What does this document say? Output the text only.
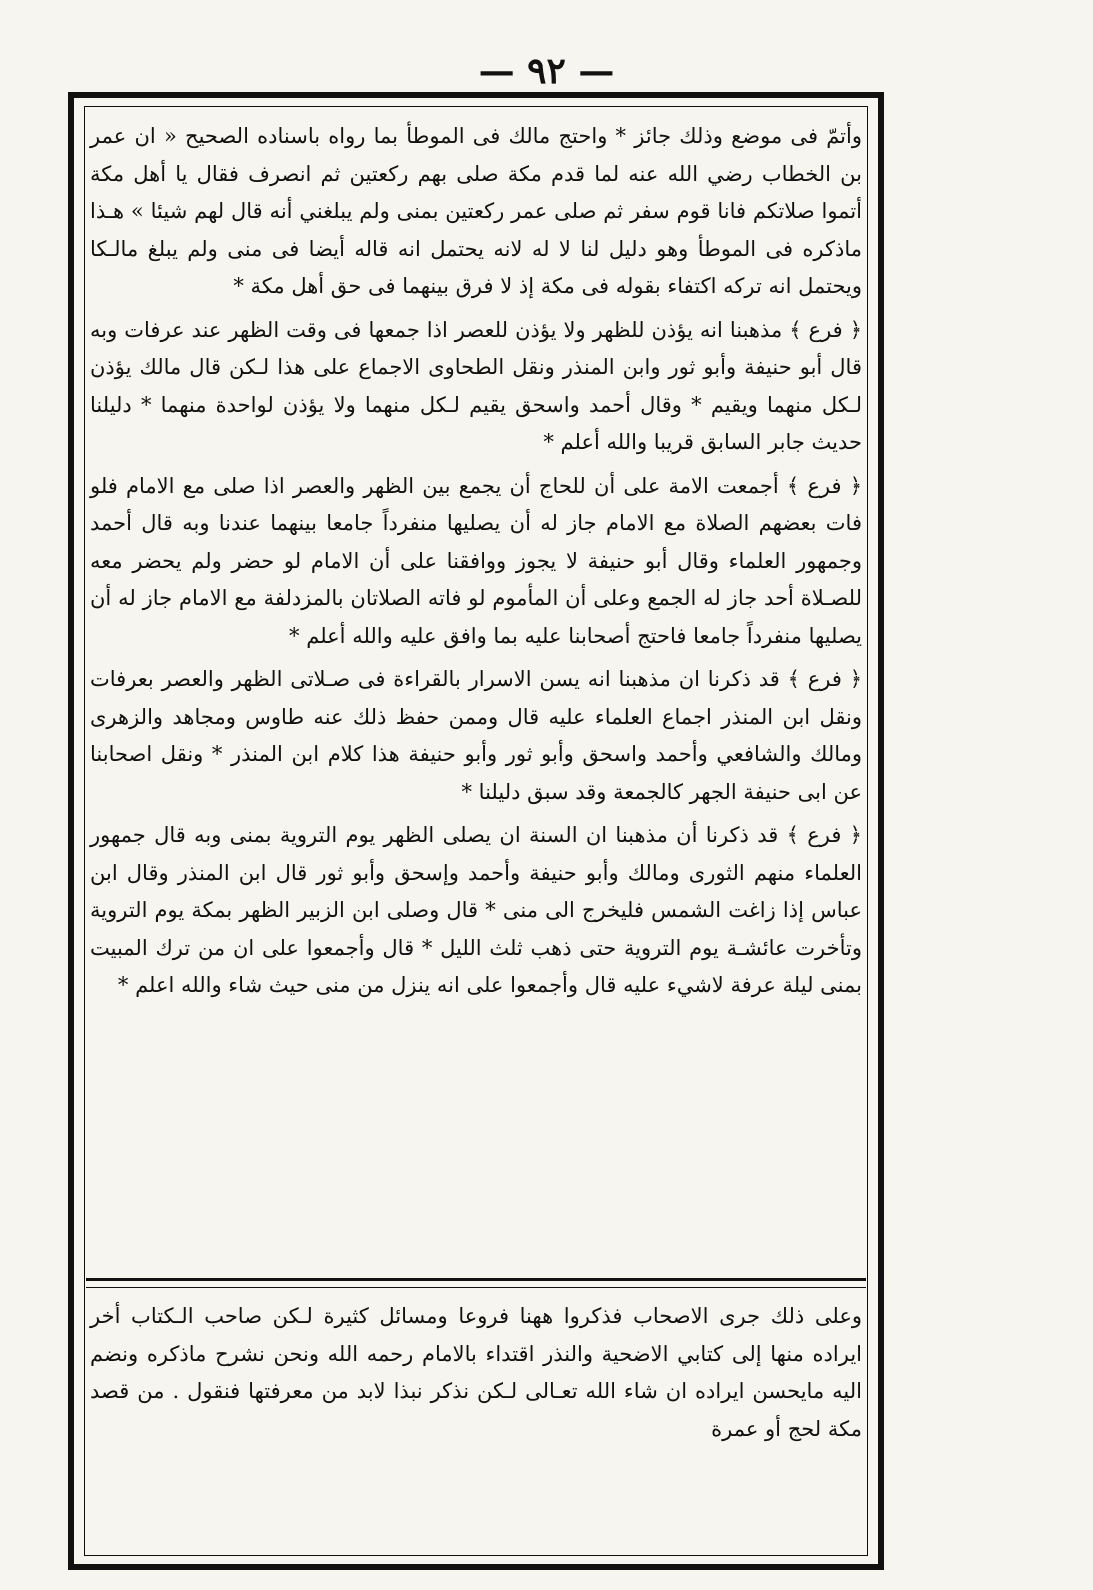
— ٩٢ —

وأتمّ فى موضع وذلك جائز * واحتج مالك فى الموطأ بما رواه باسناده الصحيح « ان عمر بن الخطاب رضي الله عنه لما قدم مكة صلى بهم ركعتين ثم انصرف فقال يا أهل مكة أتموا صلاتكم فانا قوم سفر ثم صلى عمر ركعتين بمنى ولم يبلغني أنه قال لهم شيئا » هـذا ماذكره فى الموطأ وهو دليل لنا لا له لانه يحتمل انه قاله أيضا فى منى ولم يبلغ مالـكا ويحتمل انه ترکه اكتفاء بقوله فى مكة إذ لا فرق بينهما فى حق أهل مكة *

﴿ فرع ﴾ مذهبنا انه يؤذن للظهر ولا يؤذن للعصر اذا جمعها فى وقت الظهر عند عرفات وبه قال أبو حنيفة وأبو ثور وابن المنذر ونقل الطحاوى الاجماع على هذا لـكن قال مالك يؤذن لـكل منهما ويقيم * وقال أحمد واسحق يقيم لـكل منهما ولا يؤذن لواحدة منهما * دليلنا حديث جابر السابق قريبا والله أعلم *

﴿ فرع ﴾ أجمعت الامة على أن للحاج أن يجمع بين الظهر والعصر اذا صلى مع الامام فلو فات بعضهم الصلاة مع الامام جاز له أن يصليها منفرداً جامعا بينهما عندنا وبه قال أحمد وجمهور العلماء وقال أبو حنيفة لا يجوز ووافقنا على أن الامام لو حضر ولم يحضر معه للصـلاة أحد جاز له الجمع وعلى أن المأموم لو فاته الصلاتان بالمزدلفة مع الامام جاز له أن يصليها منفرداً جامعا فاحتج أصحابنا عليه بما وافق عليه والله أعلم *

﴿ فرع ﴾ قد ذكرنا ان مذهبنا انه يسن الاسرار بالقراءة فى صـلاتى الظهر والعصر بعرفات ونقل ابن المنذر اجماع العلماء عليه قال وممن حفظ ذلك عنه طاوس ومجاهد والزهرى ومالك والشافعي وأحمد واسحق وأبو ثور وأبو حنيفة هذا كلام ابن المنذر * ونقل اصحابنا عن ابى حنيفة الجهر كالجمعة وقد سبق دليلنا *

﴿ فرع ﴾ قد ذكرنا أن مذهبنا ان السنة ان يصلى الظهر يوم التروية بمنى وبه قال جمهور العلماء منهم الثورى ومالك وأبو حنيفة وأحمد وإسحق وأبو ثور قال ابن المنذر وقال ابن عباس إذا زاغت الشمس فليخرج الى منى * قال وصلى ابن الزبير الظهر بمكة يوم التروية وتأخرت عائشـة يوم التروية حتى ذهب ثلث الليل * قال وأجمعوا على ان من ترك المبيت بمنى ليلة عرفة لاشيء عليه قال وأجمعوا على انه ينزل من منى حيث شاء والله اعلم *

وعلى ذلك جرى الاصحاب فذكروا ههنا فروعا ومسائل كثيرة لـكن صاحب الـكتاب أخر ايراده منها إلى كتابي الاضحية والنذر اقتداء بالامام رحمه الله ونحن نشرح ماذكره ونضم اليه مايحسن ايراده ان شاء الله تعـالى لـكن نذكر نبذا لابد من معرفتها فنقول . من قصد مكة لحج أو عمرة
